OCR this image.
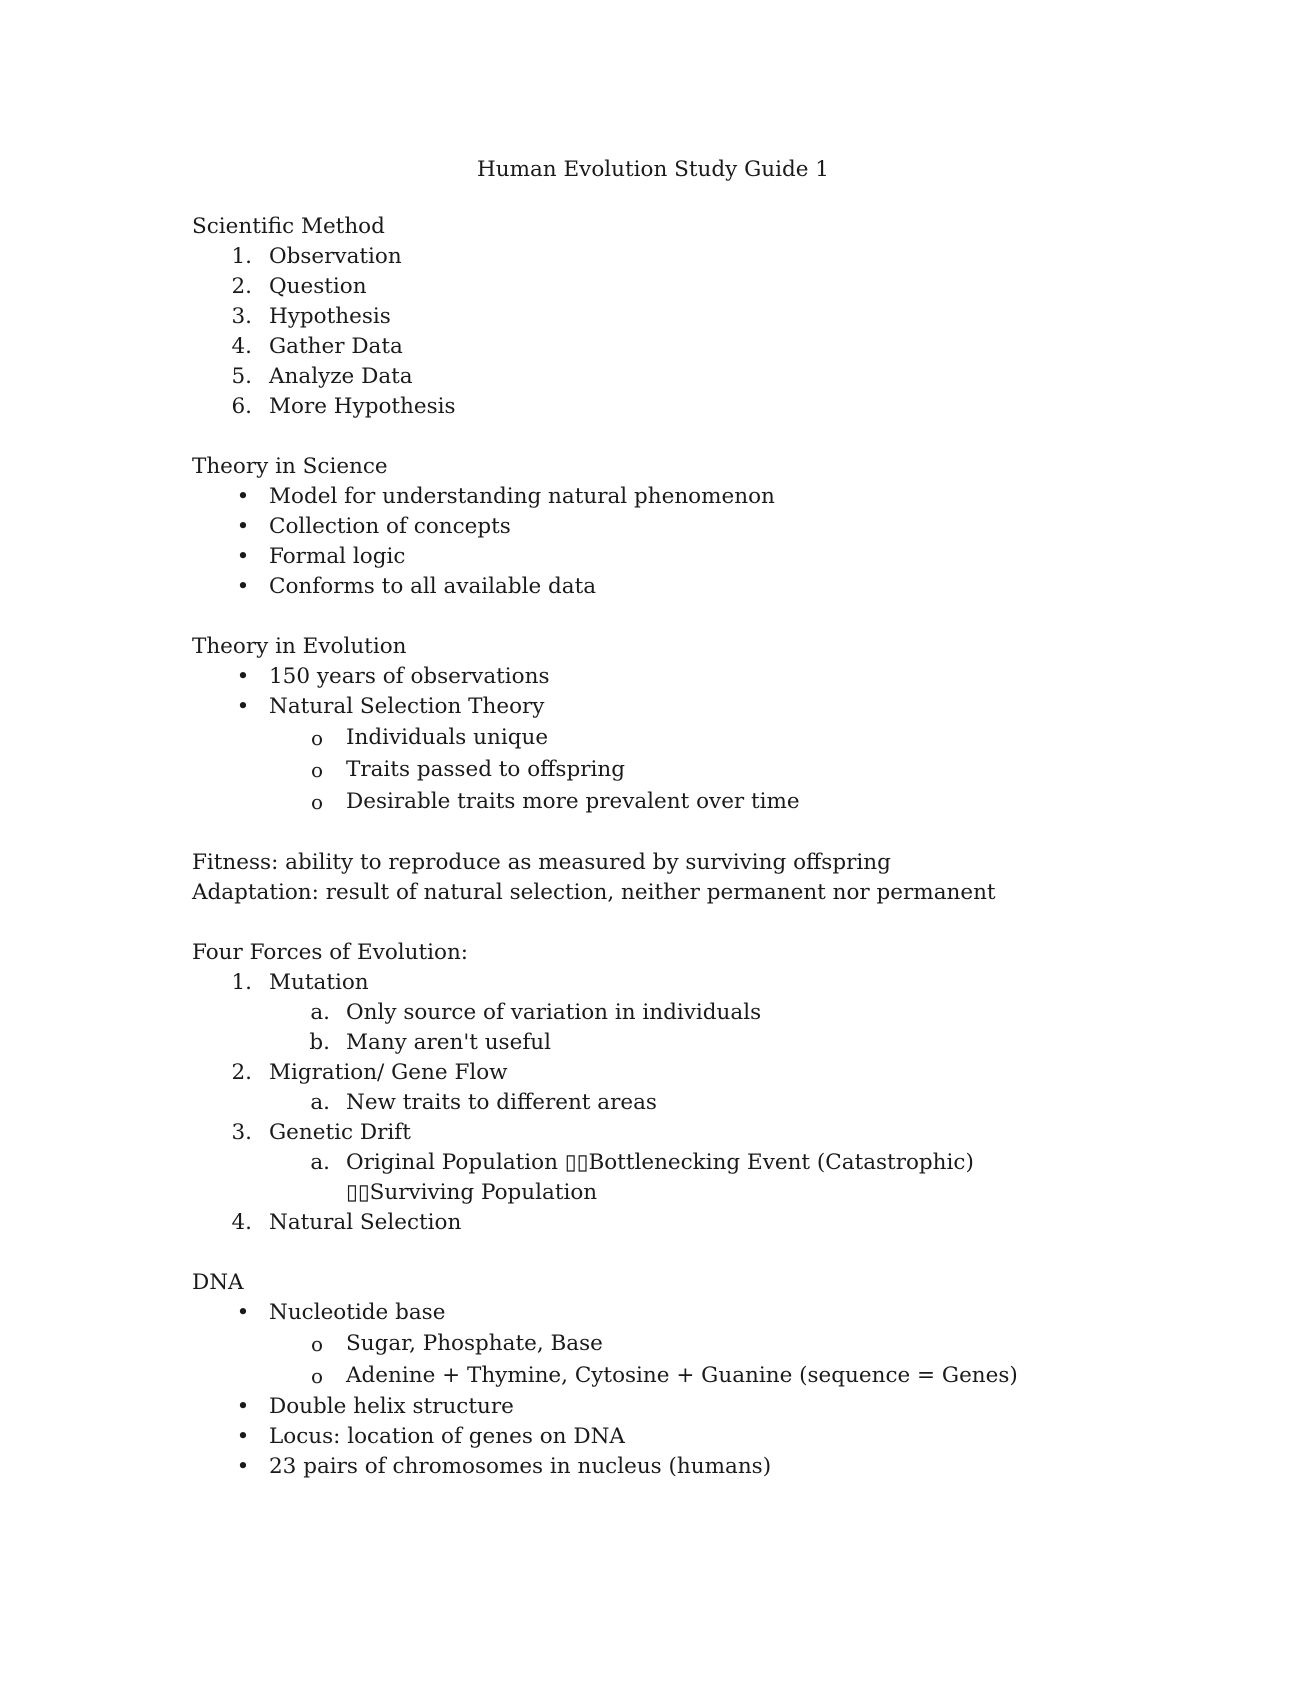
Human Evolution Study Guide 1

Scientific Method

1. Observation
2. Question
3. Hypothesis
4. Gather Data
5. Analyze Data
6. More Hypothesis

Theory in Science

• Model for understanding natural phenomenon
• Collection of concepts
• Formal logic
• Conforms to all available data

Theory in Evolution

• 150 years of observations
• Natural Selection Theory
o	Individuals unique
o	Traits passed to offspring
o	Desirable traits more prevalent over time

Fitness: ability to reproduce as measured by surviving offspring

Adaptation: result of natural selection, neither permanent nor permanent

Four Forces of Evolution:

1. Mutation
a. Only source of variation in individuals
b. Many aren't useful
2. Migration/ Gene Flow
a. New traits to different areas
3. Genetic Drift
a. Original Population ▯▯Bottlenecking Event (Catastrophic)
▯▯Surviving Population
4. Natural Selection

DNA

• Nucleotide base
o	Sugar, Phosphate, Base
o	Adenine + Thymine, Cytosine + Guanine (sequence = Genes)
• Double helix structure
• Locus: location of genes on DNA
• 23 pairs of chromosomes in nucleus (humans)
